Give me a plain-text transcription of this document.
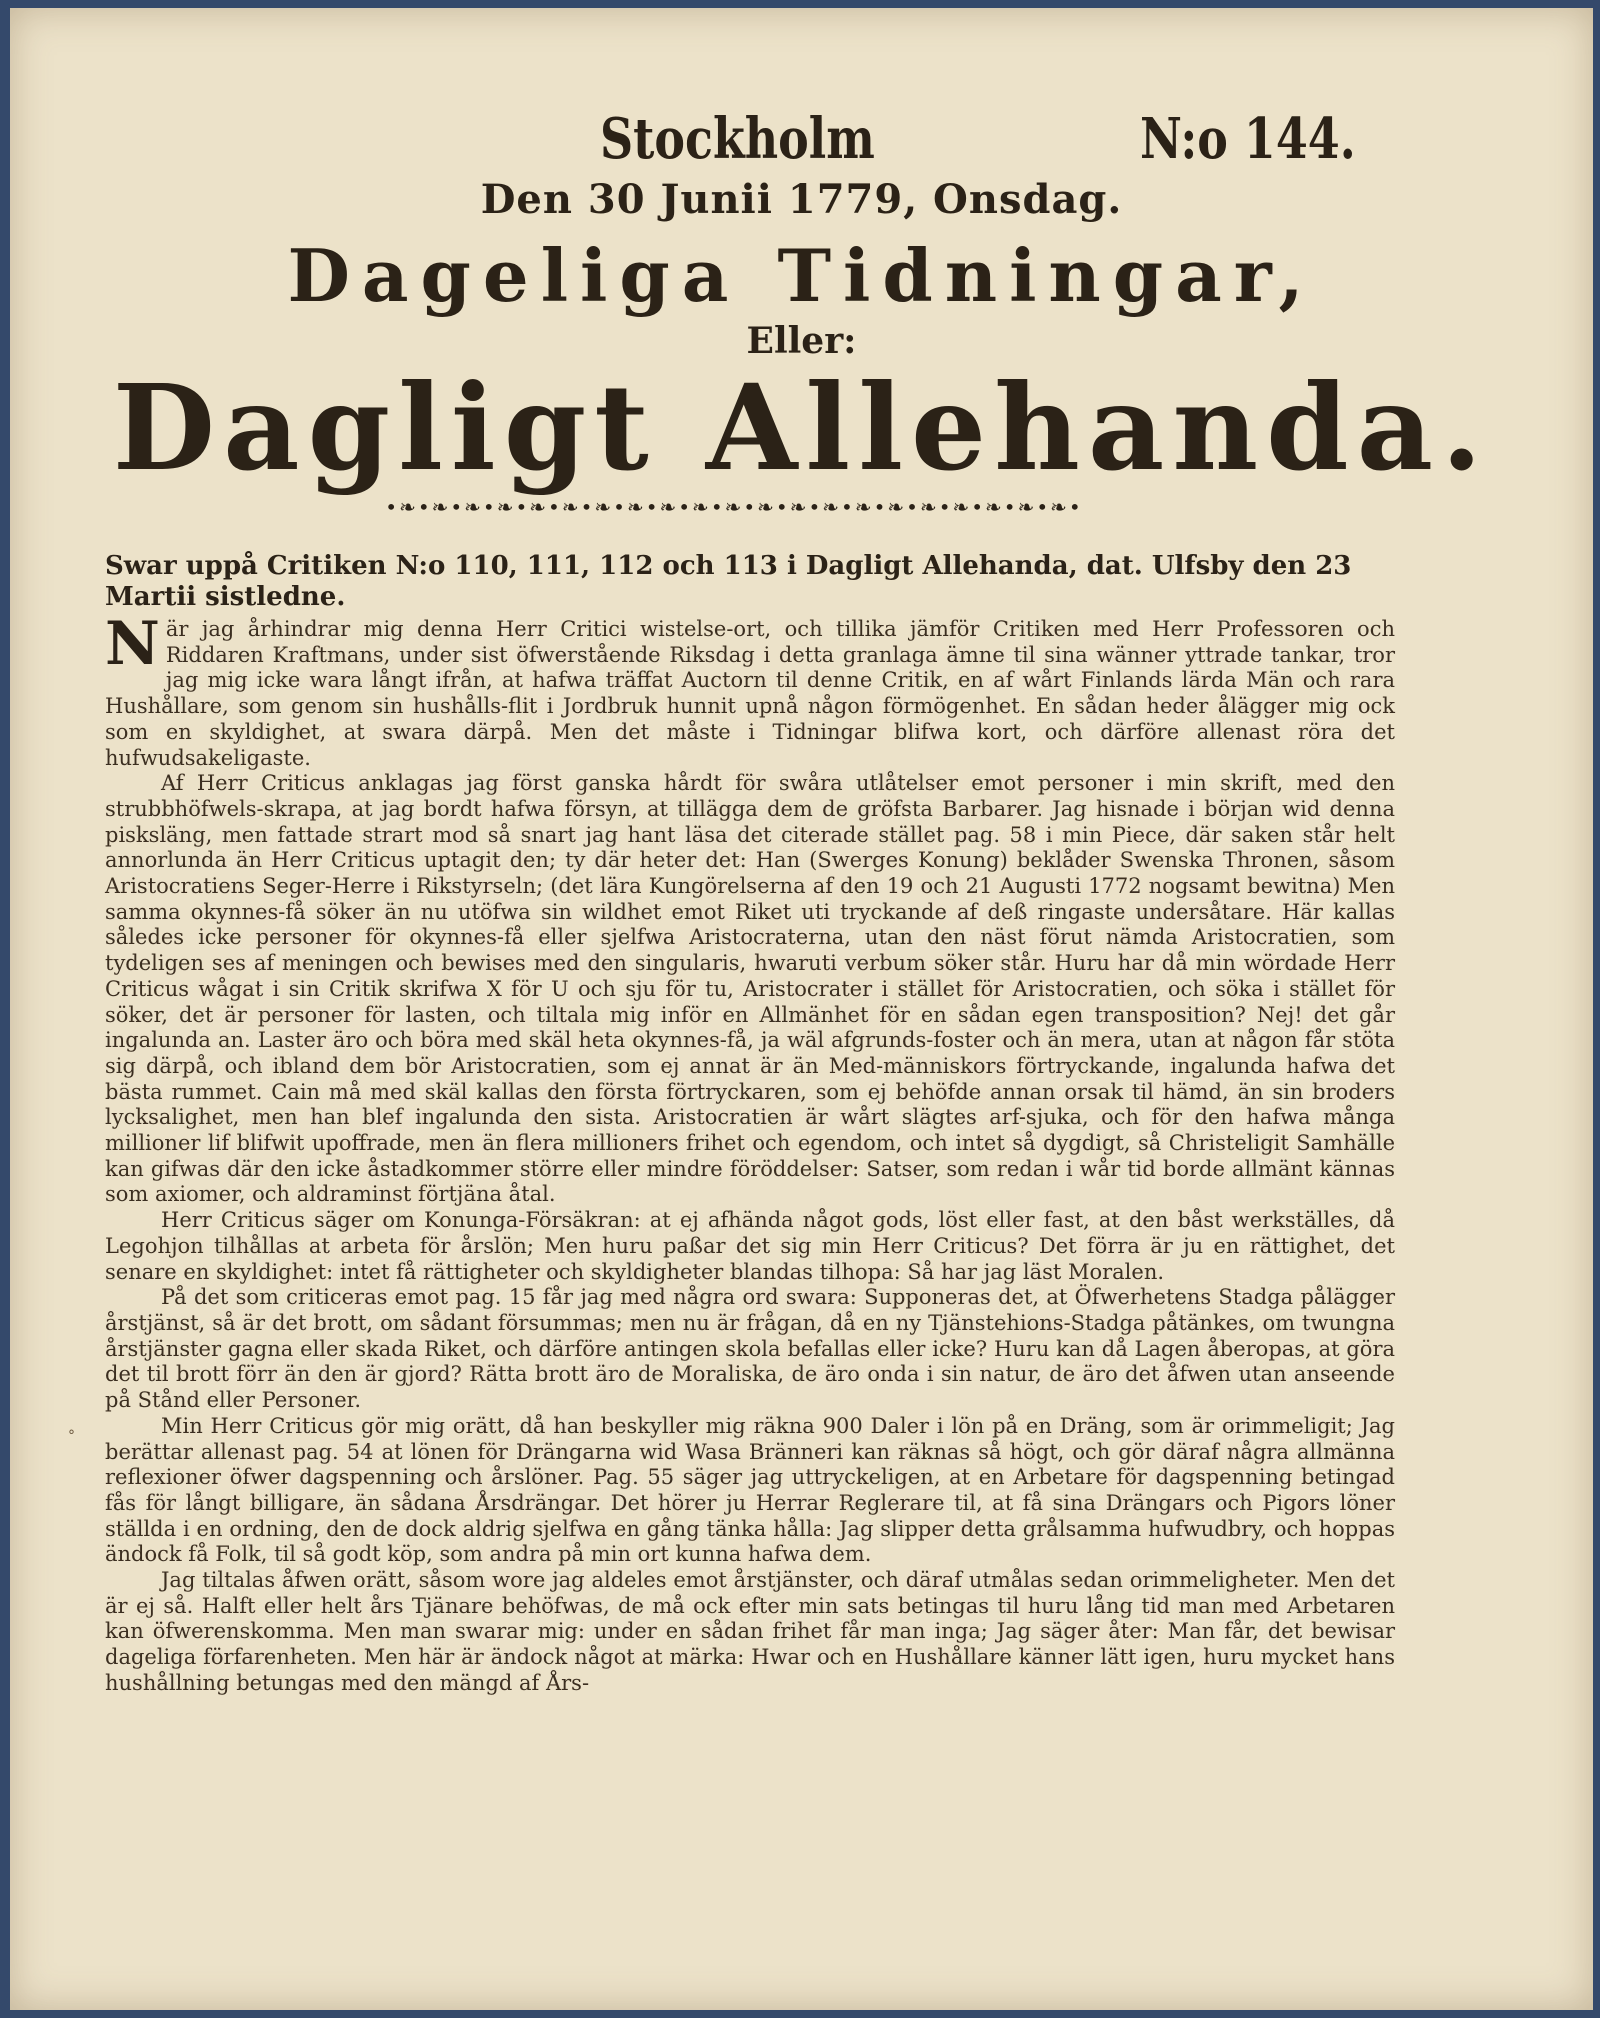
Stockholm	N:o 144.
Den 30 Junii 1779, Onsdag.
Dageliga Tidningar,
Eller:
Dagligt Allehanda.
•❧•❧•❧•❧•❧•❧•❧•❧•❧•❧•❧•❧•❧•❧•❧•❧•❧•❧•❧•❧•❧•
°
Swar uppå Critiken N:o 110, 111, 112 och 113 i Dagligt Allehanda, dat. Ulfsby den 23 Martii sistledne.

När jag århindrar mig denna Herr Critici wistelse-ort, och tillika jämför Critiken med Herr Professoren och Riddaren Kraftmans, under sist öfwerstående Riksdag i detta granlaga ämne til sina wänner yttrade tankar, tror jag mig icke wara långt ifrån, at hafwa träffat Auctorn til denne Critik, en af wårt Finlands lärda Män och rara Hushållare, som genom sin hushålls-flit i Jordbruk hunnit upnå någon förmögenhet. En sådan heder ålägger mig ock som en skyldighet, at swara därpå. Men det måste i Tidningar blifwa kort, och därföre allenast röra det hufwudsakeligaste.

Af Herr Criticus anklagas jag först ganska hårdt för swåra utlåtelser emot personer i min skrift, med den strubbhöfwels-skrapa, at jag bordt hafwa försyn, at tillägga dem de gröfsta Barbarer. Jag hisnade i början wid denna pisksläng, men fattade strart mod så snart jag hant läsa det citerade stället pag. 58 i min Piece, där saken står helt annorlunda än Herr Criticus uptagit den; ty där heter det: Han (Swerges Konung) beklåder Swenska Thronen, såsom Aristocratiens Seger-Herre i Rikstyrseln; (det lära Kungörelserna af den 19 och 21 Augusti 1772 nogsamt bewitna) Men samma okynnes-få söker än nu utöfwa sin wildhet emot Riket uti tryckande af deß ringaste undersåtare. Här kallas således icke personer för okynnes-få eller sjelfwa Aristocraterna, utan den näst förut nämda Aristocratien, som tydeligen ses af meningen och bewises med den singularis, hwaruti verbum söker står. Huru har då min wördade Herr Criticus wågat i sin Critik skrifwa X för U och sju för tu, Aristocrater i stället för Aristocratien, och söka i stället för söker, det är personer för lasten, och tiltala mig inför en Allmänhet för en sådan egen transposition? Nej! det går ingalunda an. Laster äro och böra med skäl heta okynnes-få, ja wäl afgrunds-foster och än mera, utan at någon får stöta sig därpå, och ibland dem bör Aristocratien, som ej annat är än Med-människors förtryckande, ingalunda hafwa det bästa rummet. Cain må med skäl kallas den första förtryckaren, som ej behöfde annan orsak til hämd, än sin broders lycksalighet, men han blef ingalunda den sista. Aristocratien är wårt slägtes arf-sjuka, och för den hafwa många millioner lif blifwit upoffrade, men än flera millioners frihet och egendom, och intet så dygdigt, så Christeligit Samhälle kan gifwas där den icke åstadkommer större eller mindre föröddelser: Satser, som redan i wår tid borde allmänt kännas som axiomer, och aldraminst förtjäna åtal.

Herr Criticus säger om Konunga-Försäkran: at ej afhända något gods, löst eller fast, at den båst werkställes, då Legohjon tilhållas at arbeta för årslön; Men huru paßar det sig min Herr Criticus? Det förra är ju en rättighet, det senare en skyldighet: intet få rättigheter och skyldigheter blandas tilhopa: Så har jag läst Moralen.

På det som criticeras emot pag. 15 får jag med några ord swara: Supponeras det, at Öfwerhetens Stadga pålägger årstjänst, så är det brott, om sådant försummas; men nu är frågan, då en ny Tjänstehions-Stadga påtänkes, om twungna årstjänster gagna eller skada Riket, och därföre antingen skola befallas eller icke? Huru kan då Lagen åberopas, at göra det til brott förr än den är gjord? Rätta brott äro de Moraliska, de äro onda i sin natur, de äro det åfwen utan anseende på Stånd eller Personer.

Min Herr Criticus gör mig orätt, då han beskyller mig räkna 900 Daler i lön på en Dräng, som är orimmeligit; Jag berättar allenast pag. 54 at lönen för Drängarna wid Wasa Bränneri kan räknas så högt, och gör däraf några allmänna reflexioner öfwer dagspenning och årslöner. Pag. 55 säger jag uttryckeligen, at en Arbetare för dagspenning betingad fås för långt billigare, än sådana Årsdrängar. Det hörer ju Herrar Reglerare til, at få sina Drängars och Pigors löner ställda i en ordning, den de dock aldrig sjelfwa en gång tänka hålla: Jag slipper detta grålsamma hufwudbry, och hoppas ändock få Folk, til så godt köp, som andra på min ort kunna hafwa dem.

Jag tiltalas åfwen orätt, såsom wore jag aldeles emot årstjänster, och däraf utmålas sedan orimmeligheter. Men det är ej så. Halft eller helt års Tjänare behöfwas, de må ock efter min sats betingas til huru lång tid man med Arbetaren kan öfwerenskomma. Men man swarar mig: under en sådan frihet får man inga; Jag säger åter: Man får, det bewisar dageliga förfarenheten. Men här är ändock något at märka: Hwar och en Hushållare känner lätt igen, huru mycket hans hushållning betungas med den mängd af Års-
